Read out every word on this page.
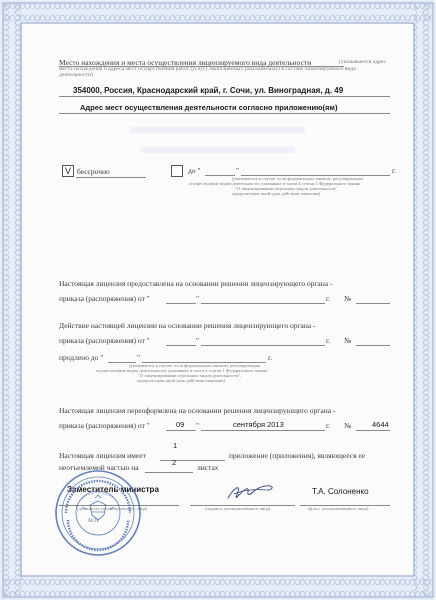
Место нахождения и места осуществления лицензируемого вида деятельности	(указываются адрес
места нахождения и адреса мест осуществления работ (услуг), выполняемых (оказываемых) в составе лицензируемого вида
деятельности)
354000, Россия, Краснодарский край, г. Сочи, ул. Виноградная, д. 49
Адрес мест осуществления деятельности согласно приложению(ям)
V бессрочно	до "	"	г.
(указывается в случае, если федеральным законом, регулирующим
осуществление видов деятельности, указанных в части 4 статьи 1 Федерального закона
"О лицензировании отдельных видов деятельности",
предусмотрен иной срок действия лицензии)
Настоящая лицензия предоставлена на основании решения лицензирующего органа -
приказа (распоряжения) от "	"	г. №
Действие настоящей лицензии на основании решения лицензирующего органа -
приказа (распоряжения) от "	"	г. №
продлено до "	"	г.
(указывается в случае, если федеральным законом, регулирующим
осуществление видов деятельности, указанных в части 4 статьи 1 Федерального закона
"О лицензировании отдельных видов деятельности",
предусмотрен иной срок действия лицензии)
Настоящая лицензия переоформлена на основании решения лицензирующего органа -
приказа (распоряжения) от "	09 "	сентября 2013	г. №	4644
Настоящая лицензия имеет
1
приложение (приложения), являющееся ее
неотъемлемой частью на
2
листах
Заместитель министра
(должность уполномоченного лица)	(подпись уполномоченного лица)
Т.А. Солоненко
(ф.и.о. уполномоченного лица)
М.П.
